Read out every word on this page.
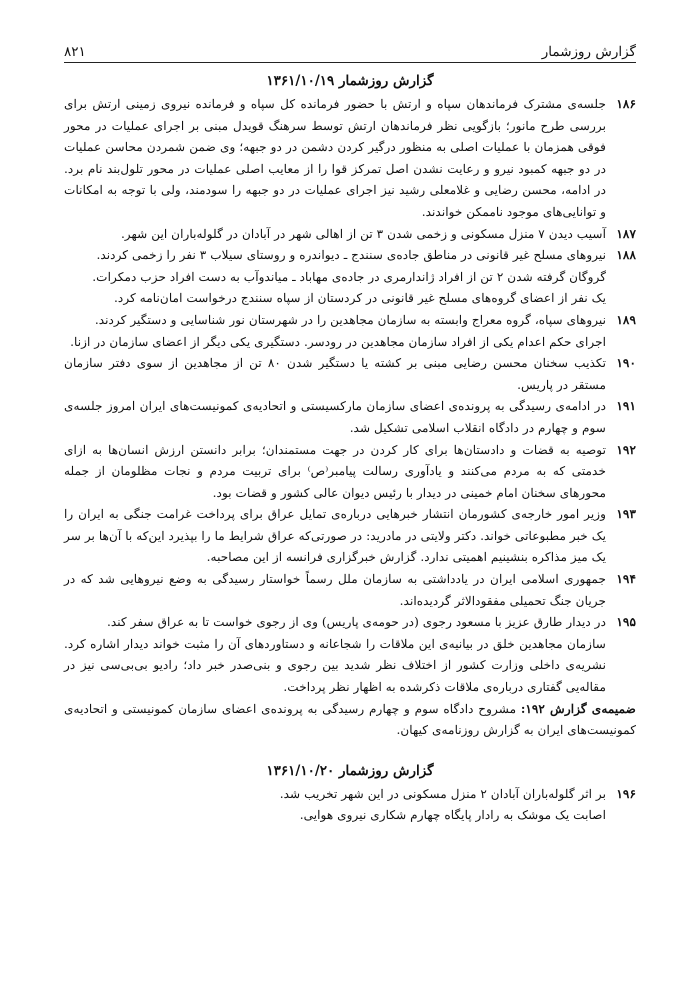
گزارش روزشمار
۸۲۱
گزارش روزشمار ۱۳۶۱/۱۰/۱۹
۱۸۶

جلسه‌ی مشترک فرماندهان سپاه و ارتش با حضور فرمانده کل سپاه و فرمانده نیروی زمینی ارتش برای بررسی طرح مانور؛ بازگویی نظر فرماندهان ارتش توسط سرهنگ قویدل مبنی بر اجرای عملیات در محور فوقی همزمان با عملیات اصلی به منظور درگیر کردن دشمن در دو جبهه؛ وی ضمن شمردن محاسن عملیات در دو جبهه کمبود نیرو و رعایت نشدن اصل تمرکز قوا را از معایب اصلی عملیات در محور تلول‌بند نام برد. در ادامه، محسن رضایی و غلامعلی رشید نیز اجرای عملیات در دو جبهه را سودمند، ولی با توجه به امکانات و توانایی‌های موجود ناممکن خواندند.

۱۸۷

آسیب دیدن ۷ منزل مسکونی و زخمی شدن ۳ تن از اهالی شهر در آبادان در گلوله‌باران این شهر.

۱۸۸

نیروهای مسلح غیر قانونی در مناطق جاده‌ی سنندج ـ دیواندره و روستای سیلاب ۳ نفر را زخمی کردند.

گروگان گرفته شدن ۲ تن از افراد ژاندارمری در جاده‌ی مهاباد ـ میاندوآب به دست افراد حزب دمکرات.

یک نفر از اعضای گروه‌های مسلح غیر قانونی در کردستان از سپاه سنندج درخواست امان‌نامه کرد.

۱۸۹

نیروهای سپاه، گروه معراج وابسته به سازمان مجاهدین را در شهرستان نور شناسایی و دستگیر کردند.

اجرای حکم اعدام یکی از افراد سازمان مجاهدین در رودسر. دستگیری یکی دیگر از اعضای سازمان در ازنا.

۱۹۰

تکذیب سخنان محسن رضایی مبنی بر کشته یا دستگیر شدن ۸۰ تن از مجاهدین از سوی دفتر سازمان مستقر در پاریس.

۱۹۱

در ادامه‌ی رسیدگی به پرونده‌ی اعضای سازمان مارکسیستی و اتحادیه‌ی کمونیست‌های ایران امروز جلسه‌ی سوم و چهارم در دادگاه انقلاب اسلامی تشکیل شد.

۱۹۲

توصیه به قضات و دادستان‌ها برای کار کردن در جهت مستمندان؛ برابر دانستن ارزش انسان‌ها به ازای خدمتی که به مردم می‌کنند و یادآوری رسالت پیامبر⁽ص⁾ برای تربیت مردم و نجات مظلومان از جمله محورهای سخنان امام خمینی در دیدار با رئیس دیوان عالی کشور و قضات بود.

۱۹۳

وزیر امور خارجه‌ی کشورمان انتشار خبرهایی درباره‌ی تمایل عراق برای پرداخت غرامت جنگی به ایران را یک خبر مطبوعاتی خواند. دکتر ولایتی در مادرید: در صورتی‌که عراق شرایط ما را بپذیرد این‌که با آن‌ها بر سر یک میز مذاکره بنشینیم اهمیتی ندارد. گزارش خبرگزاری فرانسه از این مصاحبه.

۱۹۴

جمهوری اسلامی ایران در یادداشتی به سازمان ملل رسماً خواستار رسیدگی به وضع نیروهایی شد که در جریان جنگ تحمیلی مفقودالاثر گردیده‌اند.

۱۹۵

در دیدار طارق عزیز با مسعود رجوی (در حومه‌ی پاریس) وی از رجوی خواست تا به عراق سفر کند.

سازمان مجاهدین خلق در بیانیه‌ی این ملاقات را شجاعانه و دستاوردهای آن را مثبت خواند دیدار اشاره کرد. نشریه‌ی داخلی وزارت کشور از اختلاف نظر شدید بین رجوی و بنی‌صدر خبر داد؛ رادیو بی‌بی‌سی نیز در مقاله‌یی گفتاری درباره‌ی ملاقات ذکرشده به اظهار نظر پرداخت.

ضمیمه‌ی گزارش ۱۹۲: مشروح دادگاه سوم و چهارم رسیدگی به پرونده‌ی اعضای سازمان کمونیستی و اتحادیه‌ی کمونیست‌های ایران به گزارش روزنامه‌ی کیهان.

گزارش روزشمار ۱۳۶۱/۱۰/۲۰
۱۹۶

بر اثر گلوله‌باران آبادان ۲ منزل مسکونی در این شهر تخریب شد.

اصابت یک موشک به رادار پایگاه چهارم شکاری نیروی هوایی.
